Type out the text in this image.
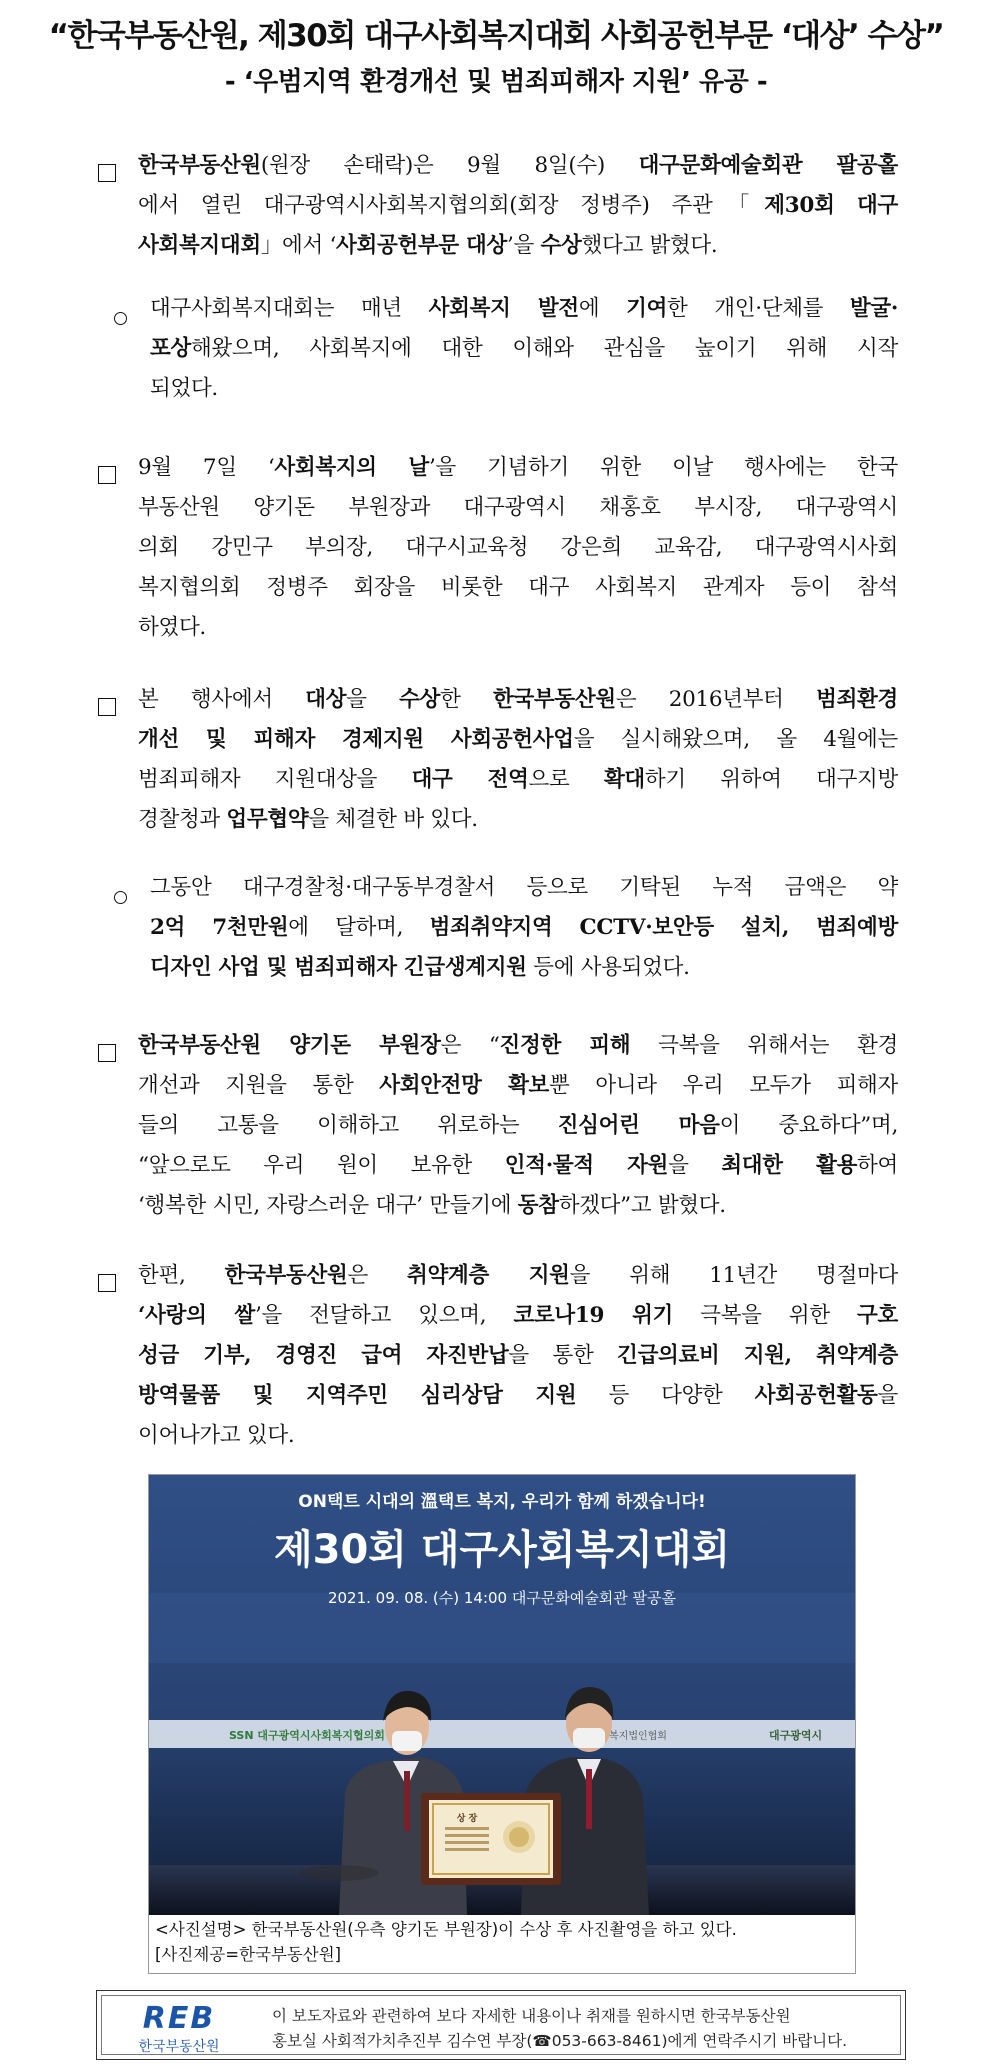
“한국부동산원, 제30회 대구사회복지대회 사회공헌부문 ‘대상’ 수상”
- ‘우범지역 환경개선 및 범죄피해자 지원’ 유공 -
한국부동산원(원장 손태락)은 9월 8일(수) 대구문화예술회관 팔공홀
에서 열린 대구광역시사회복지협의회(회장 정병주) 주관「제30회 대구
사회복지대회」에서 ‘사회공헌부문 대상’을 수상했다고 밝혔다.
대구사회복지대회는 매년 사회복지 발전에 기여한 개인·단체를 발굴·
포상해왔으며, 사회복지에 대한 이해와 관심을 높이기 위해 시작
되었다.
9월 7일 ‘사회복지의 날’을 기념하기 위한 이날 행사에는 한국
부동산원 양기돈 부원장과 대구광역시 채홍호 부시장, 대구광역시
의회 강민구 부의장, 대구시교육청 강은희 교육감, 대구광역시사회
복지협의회 정병주 회장을 비롯한 대구 사회복지 관계자 등이 참석
하였다.
본 행사에서 대상을 수상한 한국부동산원은 2016년부터 범죄환경
개선 및 피해자 경제지원 사회공헌사업을 실시해왔으며, 올 4월에는
범죄피해자 지원대상을 대구 전역으로 확대하기 위하여 대구지방
경찰청과 업무협약을 체결한 바 있다.
그동안 대구경찰청·대구동부경찰서 등으로 기탁된 누적 금액은 약
2억 7천만원에 달하며, 범죄취약지역 CCTV·보안등 설치, 범죄예방
디자인 사업 및 범죄피해자 긴급생계지원 등에 사용되었다.
한국부동산원 양기돈 부원장은 “진정한 피해 극복을 위해서는 환경
개선과 지원을 통한 사회안전망 확보뿐 아니라 우리 모두가 피해자
들의 고통을 이해하고 위로하는 진심어린 마음이 중요하다”며,
“앞으로도 우리 원이 보유한 인적·물적 자원을 최대한 활용하여
‘행복한 시민, 자랑스러운 대구’ 만들기에 동참하겠다”고 밝혔다.
한편, 한국부동산원은 취약계층 지원을 위해 11년간 명절마다
‘사랑의 쌀’을 전달하고 있으며, 코로나19 위기 극복을 위한 구호
성금 기부, 경영진 급여 자진반납을 통한 긴급의료비 지원, 취약계층
방역물품 및 지역주민 심리상담 지원 등 다양한 사회공헌활동을
이어나가고 있다.
ON택트 시대의 溫택트 복지, 우리가 함께 하겠습니다!
제30회 대구사회복지대회
2021. 09. 08. (수) 14:00 대구문화예술회관 팔공홀
SSN 대구광역시사회복지협의회	복지법인협회	대구광역시
상 장
<사진설명> 한국부동산원(우측 양기돈 부원장)이 수상 후 사진촬영을 하고 있다.
[사진제공=한국부동산원]
REB
한국부동산원
이 보도자료와 관련하여 보다 자세한 내용이나 취재를 원하시면 한국부동산원
홍보실 사회적가치추진부 김수연 부장(☎053-663-8461)에게 연락주시기 바랍니다.
